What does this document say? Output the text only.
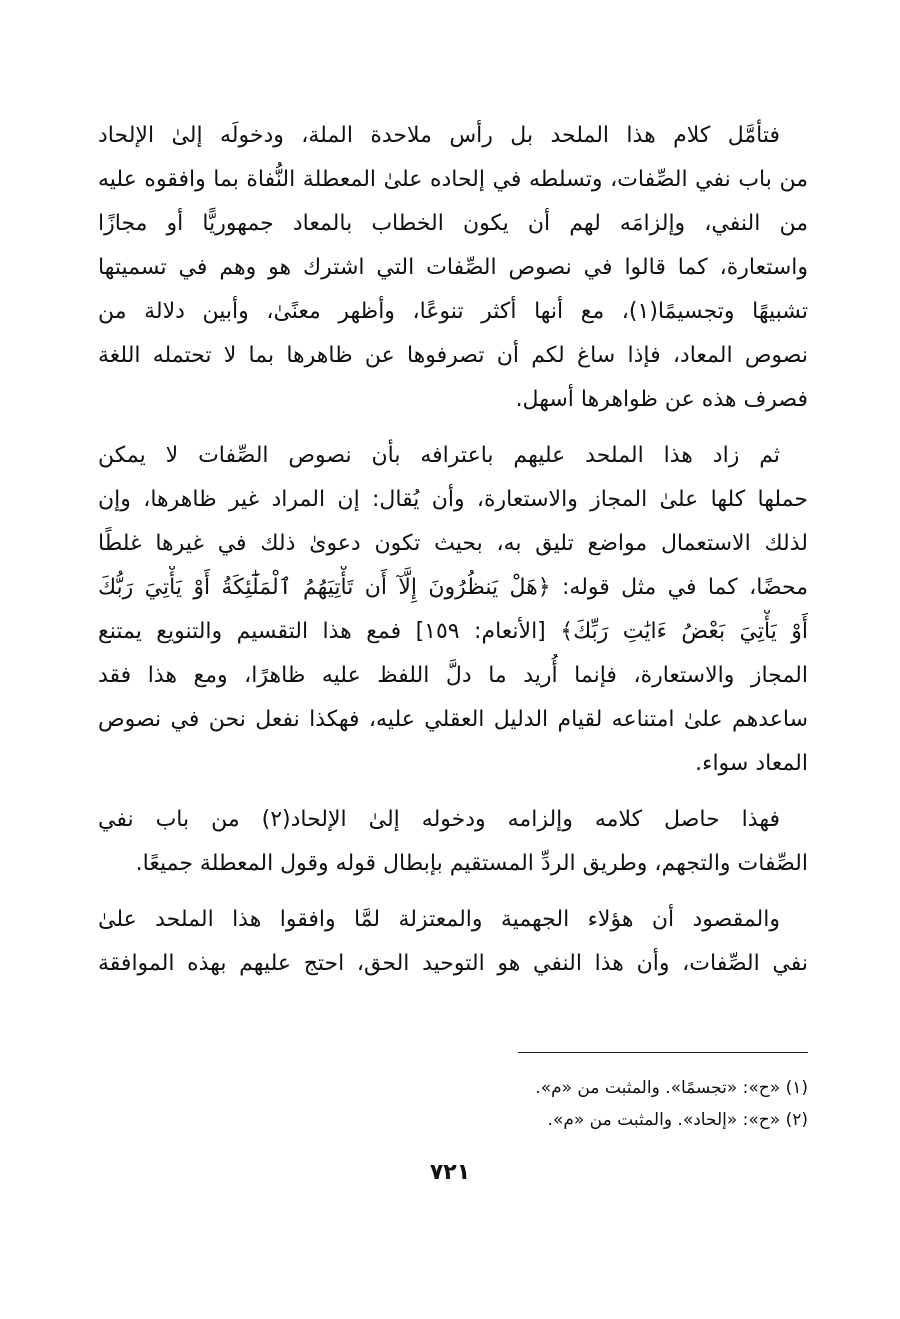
فتأمَّل كلام هذا الملحد بل رأس ملاحدة الملة، ودخولَه إلىٰ الإلحاد
من باب نفي الصِّفات، وتسلطه في إلحاده علىٰ المعطلة النُّفاة بما وافقوه عليه
من النفي، وإلزامَه لهم أن يكون الخطاب بالمعاد جمهوريًّا أو مجازًا
واستعارة، كما قالوا في نصوص الصِّفات التي اشترك هو وهم في تسميتها
تشبيهًا وتجسيمًا(١)، مع أنها أكثر تنوعًا، وأظهر معنًىٰ، وأبين دلالة من
نصوص المعاد، فإذا ساغ لكم أن تصرفوها عن ظاهرها بما لا تحتمله اللغة
فصرف هذه عن ظواهرها أسهل.
ثم زاد هذا الملحد عليهم باعترافه بأن نصوص الصِّفات لا يمكن
حملها كلها علىٰ المجاز والاستعارة، وأن يُقال: إن المراد غير ظاهرها، وإن
لذلك الاستعمال مواضع تليق به، بحيث تكون دعوىٰ ذلك في غيرها غلطًا
محضًا، كما في مثل قوله: ﴿هَلْ يَنظُرُونَ إِلَّآ أَن تَأْتِيَهُمُ ٱلْمَلَٰٓئِكَةُ أَوْ يَأْتِيَ رَبُّكَ
أَوْ يَأْتِيَ بَعْضُ ءَايَٰتِ رَبِّكَ﴾ [الأنعام: ١٥٩] فمع هذا التقسيم والتنويع يمتنع
المجاز والاستعارة، فإنما أُريد ما دلَّ اللفظ عليه ظاهرًا، ومع هذا فقد
ساعدهم علىٰ امتناعه لقيام الدليل العقلي عليه، فهكذا نفعل نحن في نصوص
المعاد سواء.
فهذا حاصل كلامه وإلزامه ودخوله إلىٰ الإلحاد(٢) من باب نفي
الصِّفات والتجهم، وطريق الردِّ المستقيم بإبطال قوله وقول المعطلة جميعًا.
والمقصود أن هؤلاء الجهمية والمعتزلة لمَّا وافقوا هذا الملحد علىٰ
نفي الصِّفات، وأن هذا النفي هو التوحيد الحق، احتج عليهم بهذه الموافقة
(١) «ح»: «تجسمًا». والمثبت من «م».
(٢) «ح»: «إلحاد». والمثبت من «م».
٧٢١
